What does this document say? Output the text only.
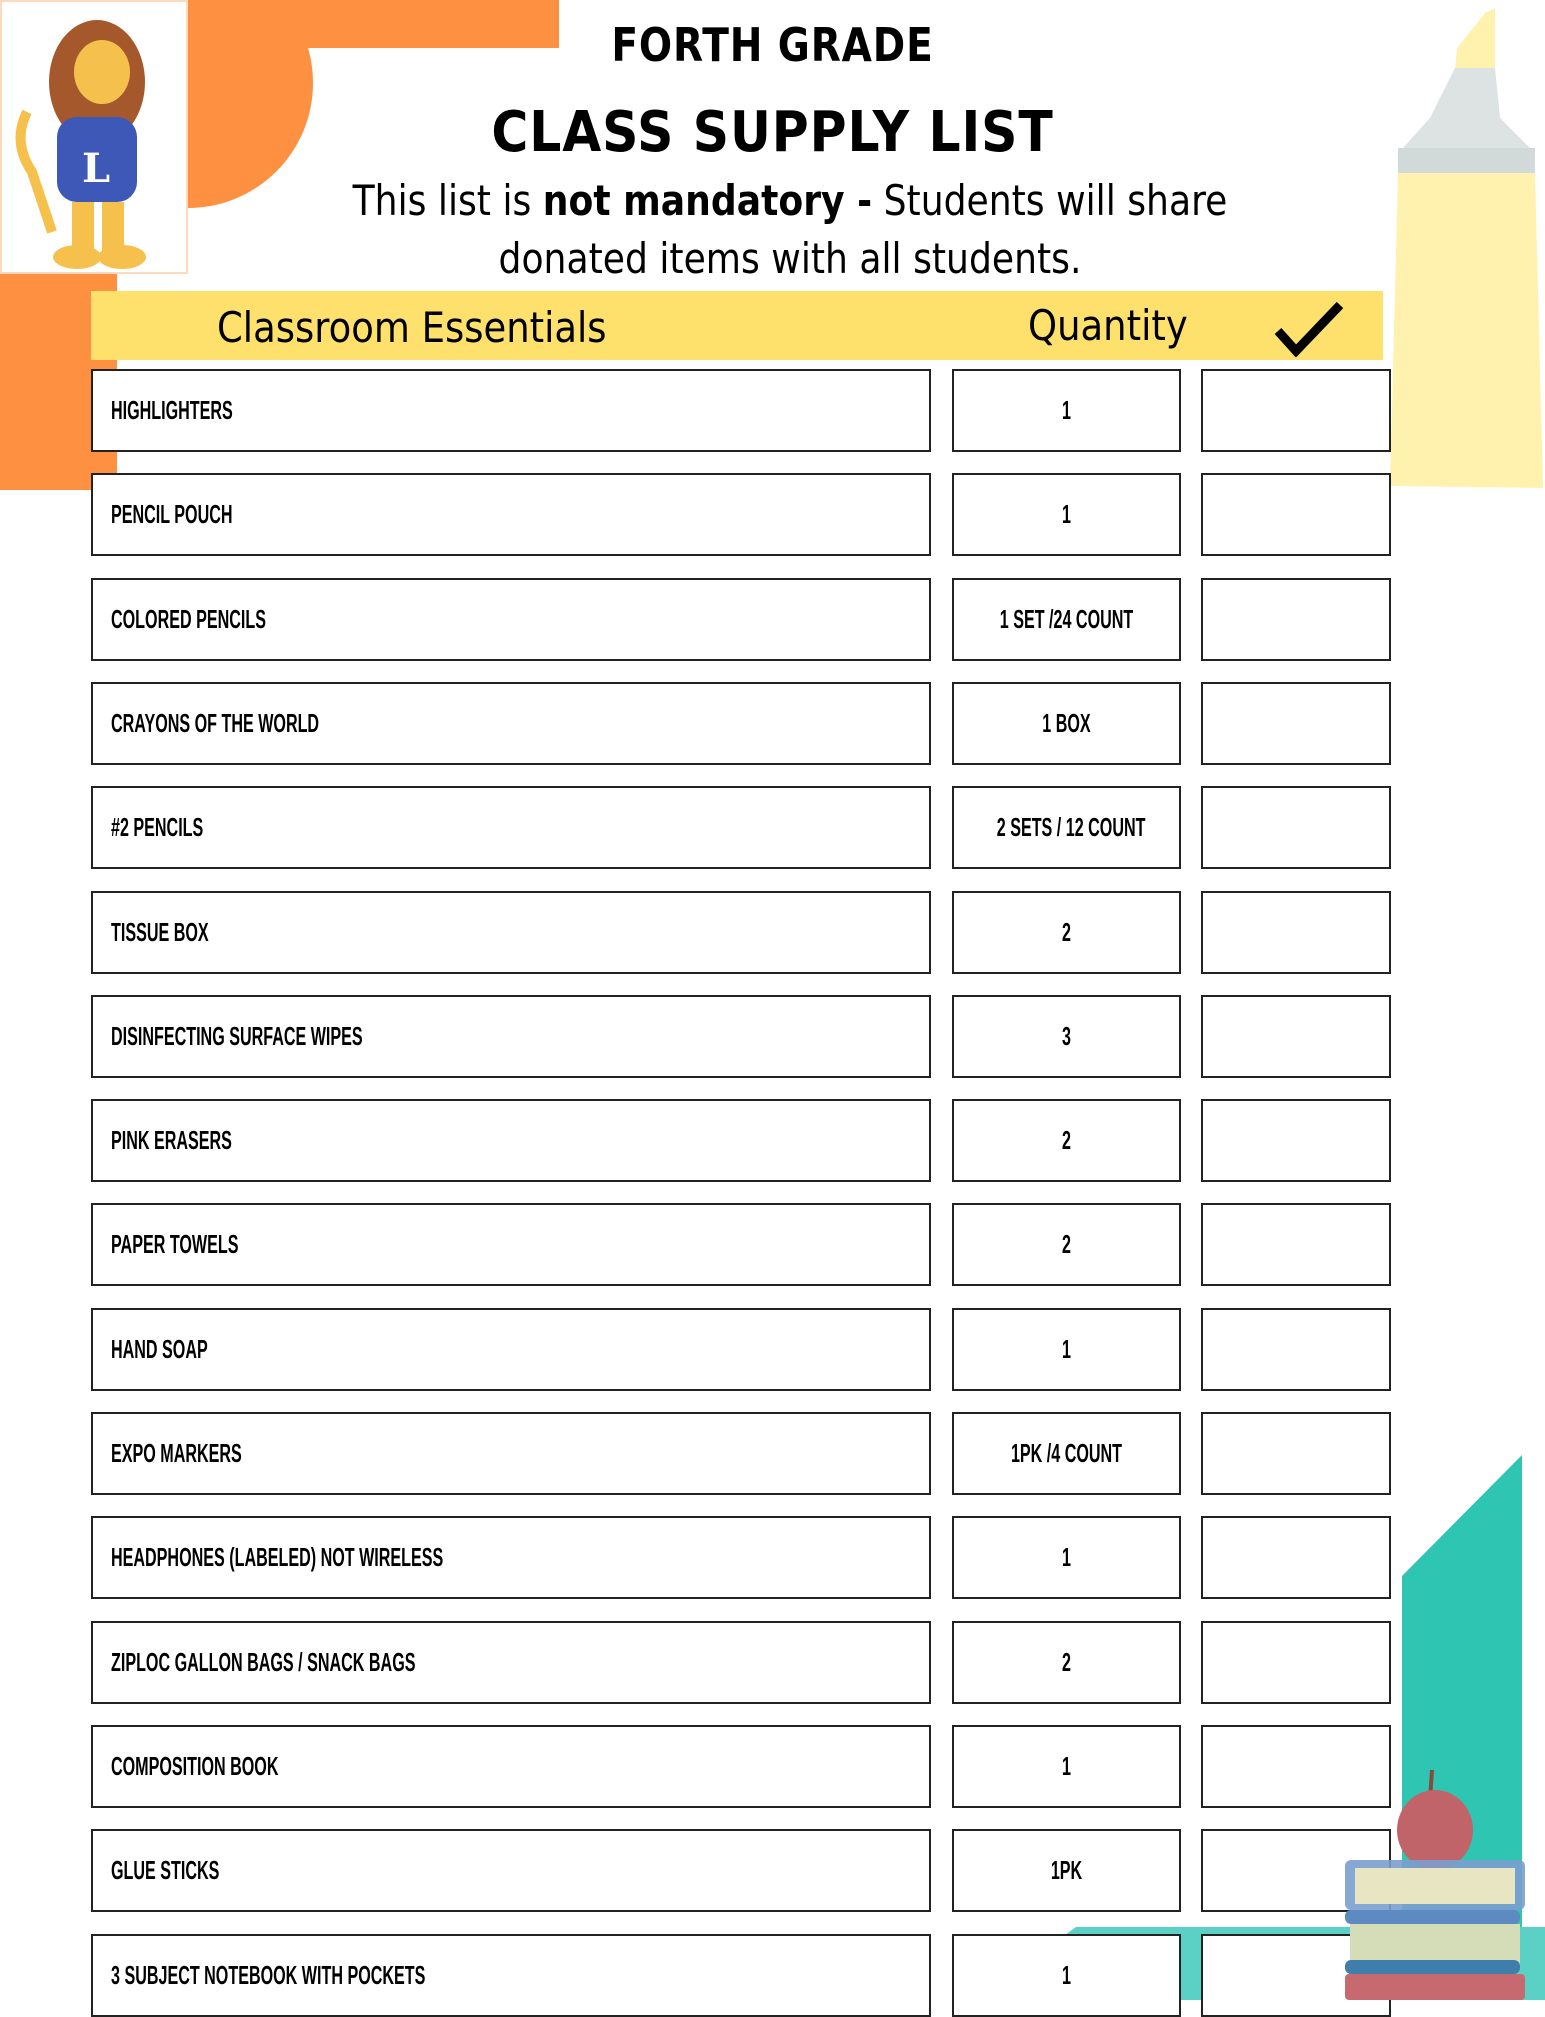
L
FORTH GRADE
CLASS SUPPLY LIST
This list is not mandatory - Students will share donated items with all students.
Classroom Essentials	Quantity
HIGHLIGHTERS	1
PENCIL POUCH	1
COLORED PENCILS	1 SET /24 COUNT
CRAYONS OF THE WORLD	1 BOX
#2 PENCILS	2 SETS / 12 COUNT
TISSUE BOX	2
DISINFECTING SURFACE WIPES	3
PINK ERASERS	2
PAPER TOWELS	2
HAND SOAP	1
EXPO MARKERS	1PK /4 COUNT
HEADPHONES (LABELED) NOT WIRELESS	1
ZIPLOC GALLON BAGS / SNACK BAGS	2
COMPOSITION BOOK	1
GLUE STICKS	1PK
3 SUBJECT NOTEBOOK WITH POCKETS	1
